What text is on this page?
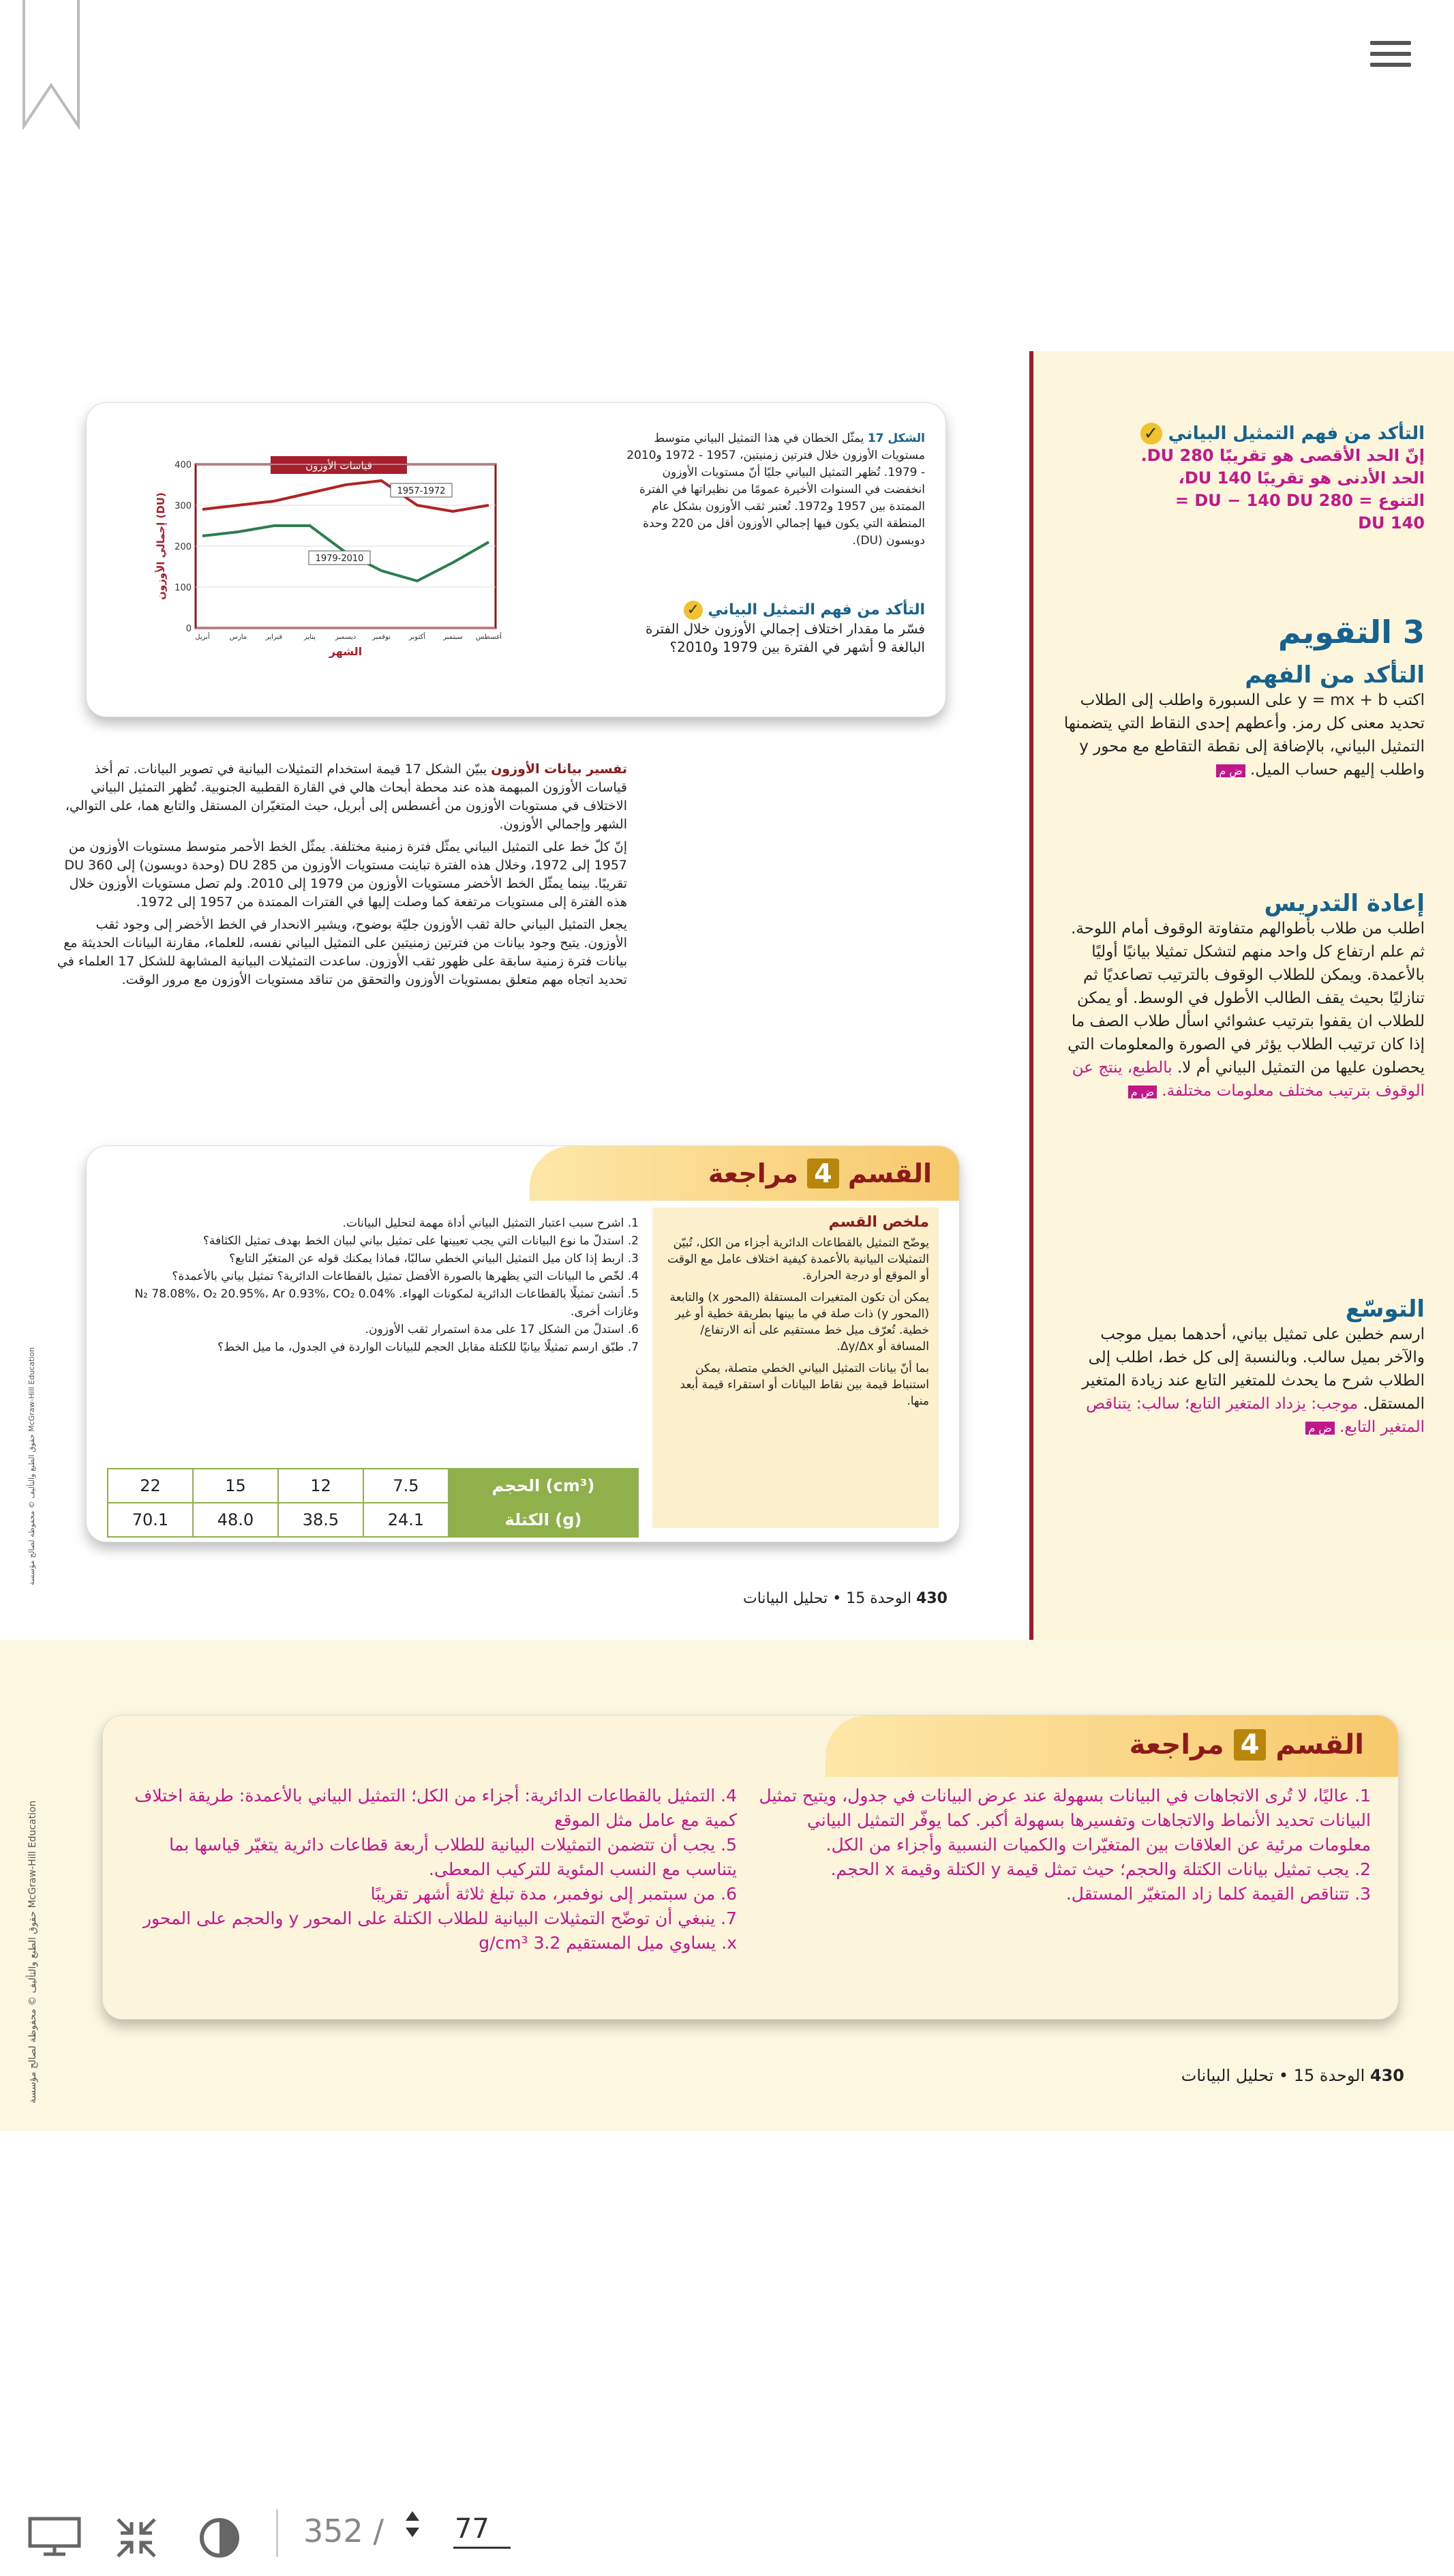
قياسات الأوزون
0
100
200
300
400
أغسطس
سبتمبر
أكتوبر
نوفمبر
ديسمبر
يناير
فبراير
مارس
أبريل
1957-1972
1979-2010
الشهر
إجمالي الأوزون (DU)
الشكل 17 يمثّل الخطان في هذا التمثيل البياني متوسط مستويات الأوزون خلال فترتين زمنيتين، 1957 - 1972 و2010 - 1979. تُظهر التمثيل البياني جليًا أنّ مستويات الأوزون انخفضت في السنوات الأخيرة عمومًا من نظيراتها في الفترة الممتدة بين 1957 و1972. تُعتبر ثقب الأوزون بشكل عام المنطقة التي يكون فيها إجمالي الأوزون أقل من 220 وحدة دوبسون (DU).
التأكد من فهم التمثيل البياني ✓
فسّر ما مقدار اختلاف إجمالي الأوزون خلال الفترة البالغة 9 أشهر في الفترة بين 1979 و2010؟

تفسير بيانات الأوزون يبيّن الشكل 17 قيمة استخدام التمثيلات البيانية في تصوير البيانات. تم أخذ قياسات الأوزون المبهمة هذه عند محطة أبحاث هالي في القارة القطبية الجنوبية. تُظهر التمثيل البياني الاختلاف في مستويات الأوزون من أغسطس إلى أبريل، حيث المتغيّران المستقل والتابع هما، على التوالي، الشهر وإجمالي الأوزون.

إنّ كلّ خط على التمثيل البياني يمثّل فترة زمنية مختلفة. يمثّل الخط الأحمر متوسط مستويات الأوزون من 1957 إلى 1972، وخلال هذه الفترة تباينت مستويات الأوزون من 285 DU (وحدة دوبسون) إلى 360 DU تقريبًا. بينما يمثّل الخط الأخضر مستويات الأوزون من 1979 إلى 2010. ولم تصل مستويات الأوزون خلال هذه الفترة إلى مستويات مرتفعة كما وصلت إليها في الفترات الممتدة من 1957 إلى 1972.

يجعل التمثيل البياني حالة ثقب الأوزون جليّة بوضوح، ويشير الانحدار في الخط الأخضر إلى وجود ثقب الأوزون. يتيح وجود بيانات من فترتين زمنيتين على التمثيل البياني نفسه، للعلماء، مقارنة البيانات الحديثة مع بيانات فترة زمنية سابقة على ظهور ثقب الأوزون. ساعدت التمثيلات البيانية المشابهة للشكل 17 العلماء في تحديد اتجاه مهم متعلق بمستويات الأوزون والتحقق من تناقد مستويات الأوزون مع مرور الوقت.

القسم 4 مراجعة
ملخص القسم
يوضّح التمثيل بالقطاعات الدائرية أجزاء من الكل، تُبيّن التمثيلات البيانية بالأعمدة كيفية اختلاف عامل مع الوقت أو الموقع أو درجة الحرارة.
يمكن أن تكون المتغيرات المستقلة (المحور x) والتابعة (المحور y) ذات صلة في ما بينها بطريقة خطية أو غير خطية. تُعرّف ميل خط مستقيم على أنه الارتفاع/المسافة أو Δy/Δx.
بما أنّ بيانات التمثيل البياني الخطي متصلة، يمكن استنباط قيمة بين نقاط البيانات أو استقراء قيمة أبعد منها.
1. اشرح سبب اعتبار التمثيل البياني أداة مهمة لتحليل البيانات.
2. استدلّ ما نوع البيانات التي يجب تعيينها على تمثيل بياني لبيان الخط بهدف تمثيل الكثافة؟
3. اربط إذا كان ميل التمثيل البياني الخطي سالبًا، فماذا يمكنك قوله عن المتغيّر التابع؟
4. لخّص ما البيانات التي يظهرها بالصورة الأفضل تمثيل بالقطاعات الدائرية؟ تمثيل بياني بالأعمدة؟
5. أنشئ تمثيلًا بالقطاعات الدائرية لمكونات الهواء. N₂ 78.08%، O₂ 20.95%، Ar 0.93%، CO₂ 0.04% وغازات أخرى.
6. استدلّ من الشكل 17 على مدة استمرار ثقب الأوزون.
7. طبّق ارسم تمثيلًا بيانيًا للكتلة مقابل الحجم للبيانات الواردة في الجدول، ما ميل الخط؟
22	15	12	7.5	الحجم (cm³)
70.1	48.0	38.5	24.1	الكتلة (g)
حقوق الطبع والتأليف © محفوظة لصالح مؤسسة McGraw-Hill Education
430 الوحدة 15 • تحليل البيانات
التأكد من فهم التمثيل البياني ✓
إنّ الحد الأقصى هو تقريبًا 280 DU.
الحد الأدنى هو تقريبًا 140 DU،
التنوع = 280 DU − 140 DU =
140 DU
3 التقويم
التأكد من الفهم
اكتب y = mx + b على السبورة واطلب إلى الطلاب تحديد معنى كل رمز. وأعطهم إحدى النقاط التي يتضمنها التمثيل البياني، بالإضافة إلى نقطة التقاطع مع محور y واطلب إليهم حساب الميل. ض م
إعادة التدريس
اطلب من طلاب بأطوالهم متفاوتة الوقوف أمام اللوحة. ثم علم ارتفاع كل واحد منهم لتشكل تمثيلا بيانيًا أوليًا بالأعمدة. ويمكن للطلاب الوقوف بالترتيب تصاعديًا ثم تنازليًا بحيث يقف الطالب الأطول في الوسط. أو يمكن للطلاب ان يقفوا بترتيب عشوائي اسأل طلاب الصف ما إذا كان ترتيب الطلاب يؤثر في الصورة والمعلومات التي يحصلون عليها من التمثيل البياني أم لا. بالطبع، ينتج عن الوقوف بترتيب مختلف معلومات مختلفة. ض م
التوسّع
ارسم خطين على تمثيل بياني، أحدهما بميل موجب والآخر بميل سالب. وبالنسبة إلى كل خط، اطلب إلى الطلاب شرح ما يحدث للمتغير التابع عند زيادة المتغير المستقل. موجب: يزداد المتغير التابع؛ سالب: يتناقص المتغير التابع. ض م
حقوق الطبع والتأليف © محفوظة لصالح مؤسسة McGraw-Hill Education
القسم 4 مراجعة
1. عاليًا، لا تُرى الاتجاهات في البيانات بسهولة عند عرض البيانات في جدول، ويتيح تمثيل البيانات تحديد الأنماط والاتجاهات وتفسيرها بسهولة أكبر. كما يوفّر التمثيل البياني معلومات مرئية عن العلاقات بين المتغيّرات والكميات النسبية وأجزاء من الكل.
2. يجب تمثيل بيانات الكتلة والحجم؛ حيث تمثل قيمة y الكتلة وقيمة x الحجم.
3. تتناقص القيمة كلما زاد المتغيّر المستقل.
4. التمثيل بالقطاعات الدائرية: أجزاء من الكل؛ التمثيل البياني بالأعمدة: طريقة اختلاف كمية مع عامل مثل الموقع
5. يجب أن تتضمن التمثيلات البيانية للطلاب أربعة قطاعات دائرية يتغيّر قياسها بما يتناسب مع النسب المئوية للتركيب المعطى.
6. من سبتمبر إلى نوفمبر، مدة تبلغ ثلاثة أشهر تقريبًا
7. ينبغي أن توضّح التمثيلات البيانية للطلاب الكتلة على المحور y والحجم على المحور x. يساوي ميل المستقيم 3.2 g/cm³
430 الوحدة 15 • تحليل البيانات
352 /
77
